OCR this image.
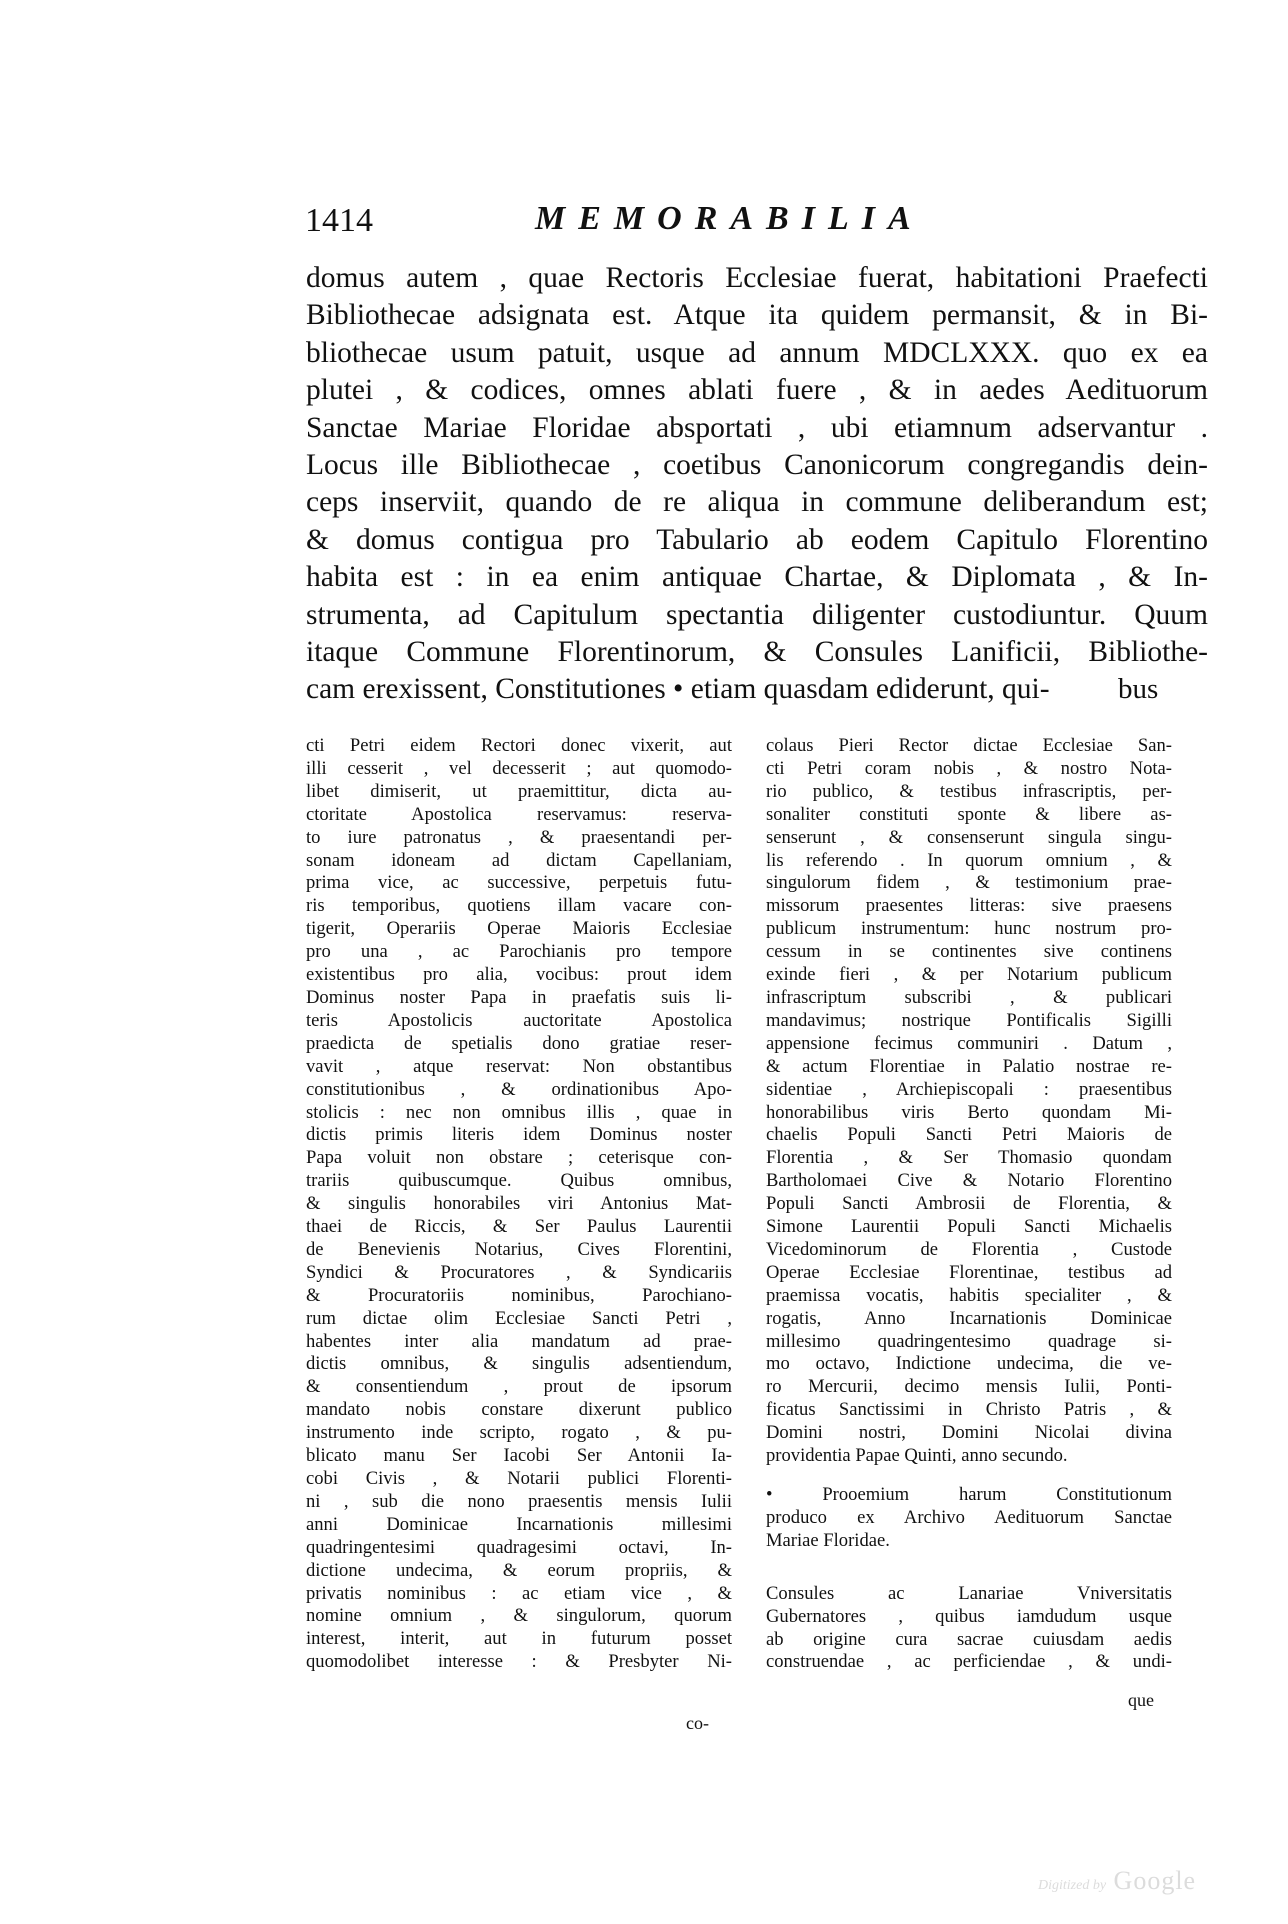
1414	MEMORABILIA
domus autem , quae Rectoris Ecclesiae fuerat, habitationi Praefecti
Bibliothecae adsignata est. Atque ita quidem permansit, & in Bi-
bliothecae usum patuit, usque ad annum MDCLXXX. quo ex ea
plutei , & codices, omnes ablati fuere , & in aedes Aedituorum
Sanctae Mariae Floridae absportati , ubi etiamnum adservantur .
Locus ille Bibliothecae , coetibus Canonicorum congregandis dein-
ceps inserviit, quando de re aliqua in commune deliberandum est;
& domus contigua pro Tabulario ab eodem Capitulo Florentino
habita est : in ea enim antiquae Chartae, & Diplomata , & In-
strumenta, ad Capitulum spectantia diligenter custodiuntur. Quum
itaque Commune Florentinorum, & Consules Lanificii, Bibliothe-
cam erexissent, Constitutiones • etiam quasdam ediderunt, qui-	bus
cti Petri eidem Rectori donec vixerit, aut
illi cesserit , vel decesserit ; aut quomodo-
libet dimiserit, ut praemittitur, dicta au-
ctoritate Apostolica reservamus: reserva-
to iure patronatus , & praesentandi per-
sonam idoneam ad dictam Capellaniam,
prima vice, ac successive, perpetuis futu-
ris temporibus, quotiens illam vacare con-
tigerit, Operariis Operae Maioris Ecclesiae
pro una , ac Parochianis pro tempore
existentibus pro alia, vocibus: prout idem
Dominus noster Papa in praefatis suis li-
teris Apostolicis auctoritate Apostolica
praedicta de spetialis dono gratiae reser-
vavit , atque reservat: Non obstantibus
constitutionibus , & ordinationibus Apo-
stolicis : nec non omnibus illis , quae in
dictis primis literis idem Dominus noster
Papa voluit non obstare ; ceterisque con-
trariis quibuscumque. Quibus omnibus,
& singulis honorabiles viri Antonius Mat-
thaei de Riccis, & Ser Paulus Laurentii
de Benevienis Notarius, Cives Florentini,
Syndici & Procuratores , & Syndicariis
& Procuratoriis nominibus, Parochiano-
rum dictae olim Ecclesiae Sancti Petri ,
habentes inter alia mandatum ad prae-
dictis omnibus, & singulis adsentiendum,
& consentiendum , prout de ipsorum
mandato nobis constare dixerunt publico
instrumento inde scripto, rogato , & pu-
blicato manu Ser Iacobi Ser Antonii Ia-
cobi Civis , & Notarii publici Florenti-
ni , sub die nono praesentis mensis Iulii
anni Dominicae Incarnationis millesimi
quadringentesimi quadragesimi octavi, In-
dictione undecima, & eorum propriis, &
privatis nominibus : ac etiam vice , &
nomine omnium , & singulorum, quorum
interest, interit, aut in futurum posset
quomodolibet interesse : & Presbyter Ni-
co-
colaus Pieri Rector dictae Ecclesiae San-
cti Petri coram nobis , & nostro Nota-
rio publico, & testibus infrascriptis, per-
sonaliter constituti sponte & libere as-
senserunt , & consenserunt singula singu-
lis referendo . In quorum omnium , &
singulorum fidem , & testimonium prae-
missorum praesentes litteras: sive praesens
publicum instrumentum: hunc nostrum pro-
cessum in se continentes sive continens
exinde fieri , & per Notarium publicum
infrascriptum subscribi , & publicari
mandavimus; nostrique Pontificalis Sigilli
appensione fecimus communiri . Datum ,
& actum Florentiae in Palatio nostrae re-
sidentiae , Archiepiscopali : praesentibus
honorabilibus viris Berto quondam Mi-
chaelis Populi Sancti Petri Maioris de
Florentia , & Ser Thomasio quondam
Bartholomaei Cive & Notario Florentino
Populi Sancti Ambrosii de Florentia, &
Simone Laurentii Populi Sancti Michaelis
Vicedominorum de Florentia , Custode
Operae Ecclesiae Florentinae, testibus ad
praemissa vocatis, habitis specialiter , &
rogatis, Anno Incarnationis Dominicae
millesimo quadringentesimo quadrage si-
mo octavo, Indictione undecima, die ve-
ro Mercurii, decimo mensis Iulii, Ponti-
ficatus Sanctissimi in Christo Patris , &
Domini nostri, Domini Nicolai divina
providentia Papae Quinti, anno secundo.
• Prooemium harum Constitutionum
produco ex Archivo Aedituorum Sanctae
Mariae Floridae.
Consules ac Lanariae Vniversitatis
Gubernatores , quibus iamdudum usque
ab origine cura sacrae cuiusdam aedis
construendae , ac perficiendae , & undi-
que
Digitized by Google
